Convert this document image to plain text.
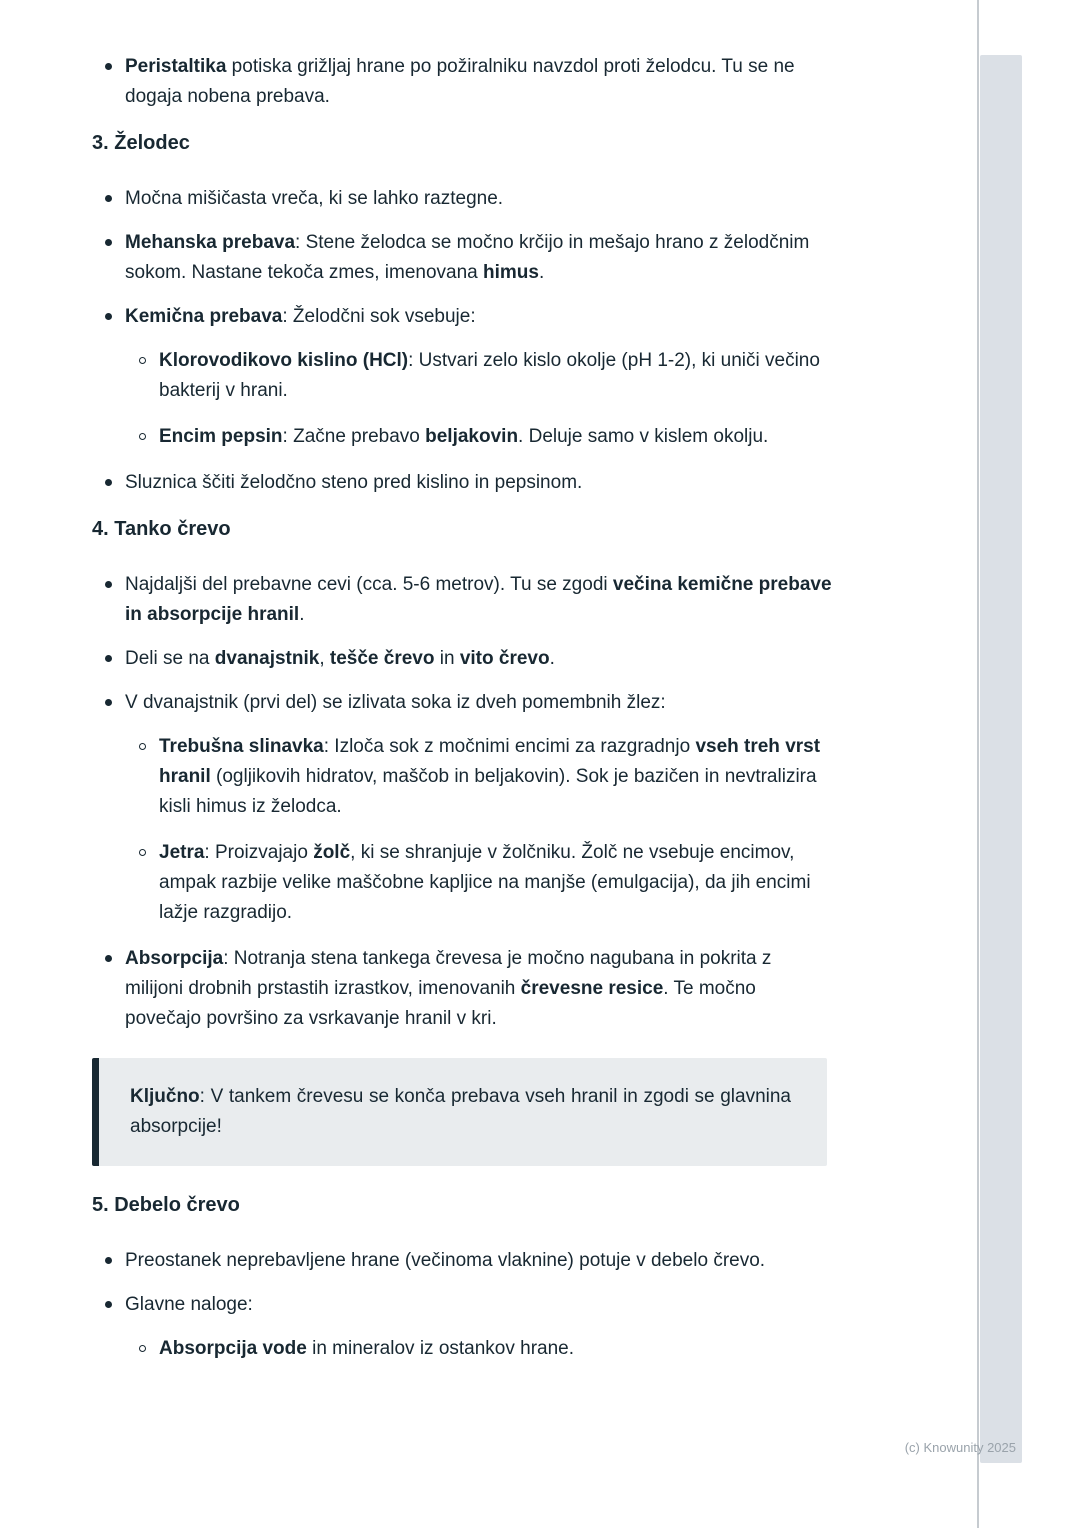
Peristaltika potiska grižljaj hrane po požiralniku navzdol proti želodcu. Tu se ne dogaja nobena prebava.
3. Želodec
Močna mišičasta vreča, ki se lahko raztegne.
Mehanska prebava: Stene želodca se močno krčijo in mešajo hrano z želodčnim sokom. Nastane tekoča zmes, imenovana himus.
Kemična prebava: Želodčni sok vsebuje:
Klorovodikovo kislino (HCl): Ustvari zelo kislo okolje (pH 1-2), ki uniči večino bakterij v hrani.
Encim pepsin: Začne prebavo beljakovin. Deluje samo v kislem okolju.
Sluznica ščiti želodčno steno pred kislino in pepsinom.
4. Tanko črevo
Najdaljši del prebavne cevi (cca. 5-6 metrov). Tu se zgodi večina kemične prebave in absorpcije hranil.
Deli se na dvanajstnik, tešče črevo in vito črevo.
V dvanajstnik (prvi del) se izlivata soka iz dveh pomembnih žlez:
Trebušna slinavka: Izloča sok z močnimi encimi za razgradnjo vseh treh vrst hranil (ogljikovih hidratov, maščob in beljakovin). Sok je bazičen in nevtralizira kisli himus iz želodca.
Jetra: Proizvajajo žolč, ki se shranjuje v žolčniku. Žolč ne vsebuje encimov, ampak razbije velike maščobne kapljice na manjše (emulgacija), da jih encimi lažje razgradijo.
Absorpcija: Notranja stena tankega črevesa je močno nagubana in pokrita z milijoni drobnih prstastih izrastkov, imenovanih črevesne resice. Te močno povečajo površino za vsrkavanje hranil v kri.

Ključno: V tankem črevesu se konča prebava vseh hranil in zgodi se glavnina absorpcije!

5. Debelo črevo
Preostanek neprebavljene hrane (večinoma vlaknine) potuje v debelo črevo.
Glavne naloge:
Absorpcija vode in mineralov iz ostankov hrane.
(c) Knowunity 2025
